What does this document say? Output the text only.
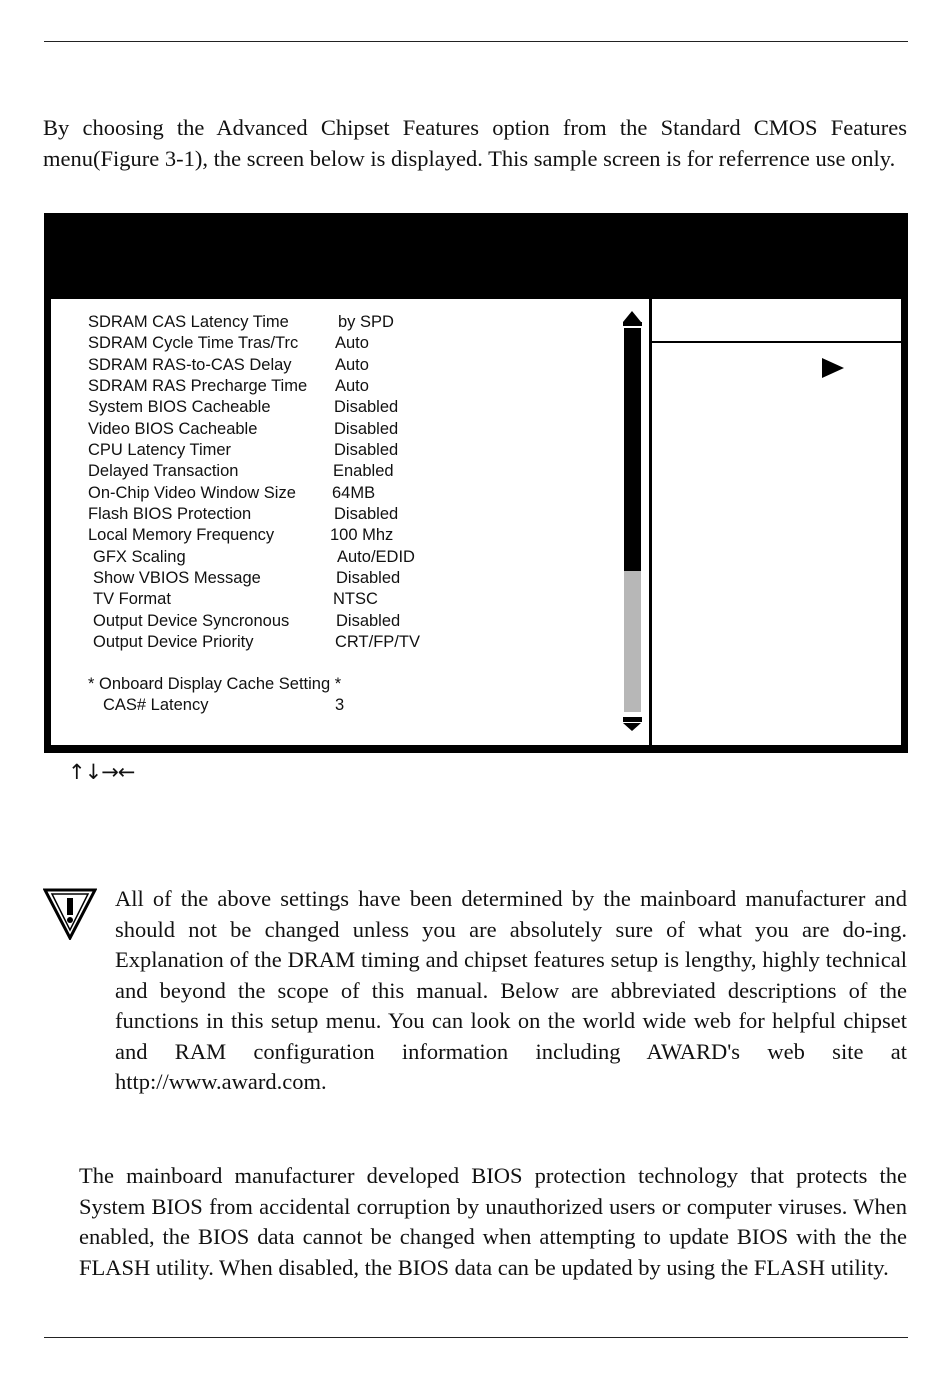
By choosing the Advanced Chipset Features option from the Standard CMOS Features menu(Figure 3-1), the screen below is displayed. This sample screen is for referrence use only.

SDRAM CAS Latency Time	by SPD
SDRAM Cycle Time Tras/Trc Auto
SDRAM RAS-to-CAS Delay	Auto
SDRAM RAS Precharge Time Auto
System BIOS Cacheable	Disabled
Video BIOS Cacheable	Disabled
CPU Latency Timer	Disabled
Delayed Transaction	Enabled
On-Chip Video Window Size 64MB
Flash BIOS Protection	Disabled
Local Memory Frequency	100 Mhz
GFX Scaling	Auto/EDID
Show VBIOS Message	Disabled
TV Format	NTSC
Output Device Syncronous	Disabled
Output Device Priority	CRT/FP/TV
* Onboard Display Cache Setting *
CAS# Latency	3
↑↓→←

All of the above settings have been determined by the mainboard manufacturer and should not be changed unless you are absolutely sure of what you are do-ing. Explanation of the DRAM timing and chipset features setup is lengthy, highly technical and beyond the scope of this manual. Below are abbreviated descriptions of the functions in this setup menu. You can look on the world wide web for helpful chipset and RAM configuration information including AWARD's web site at http://www.award.com.

The mainboard manufacturer developed BIOS protection technology that protects the System BIOS from accidental corruption by unauthorized users or computer viruses. When enabled, the BIOS data cannot be changed when attempting to update BIOS with the the FLASH utility. When disabled, the BIOS data can be updated by using the FLASH utility.
